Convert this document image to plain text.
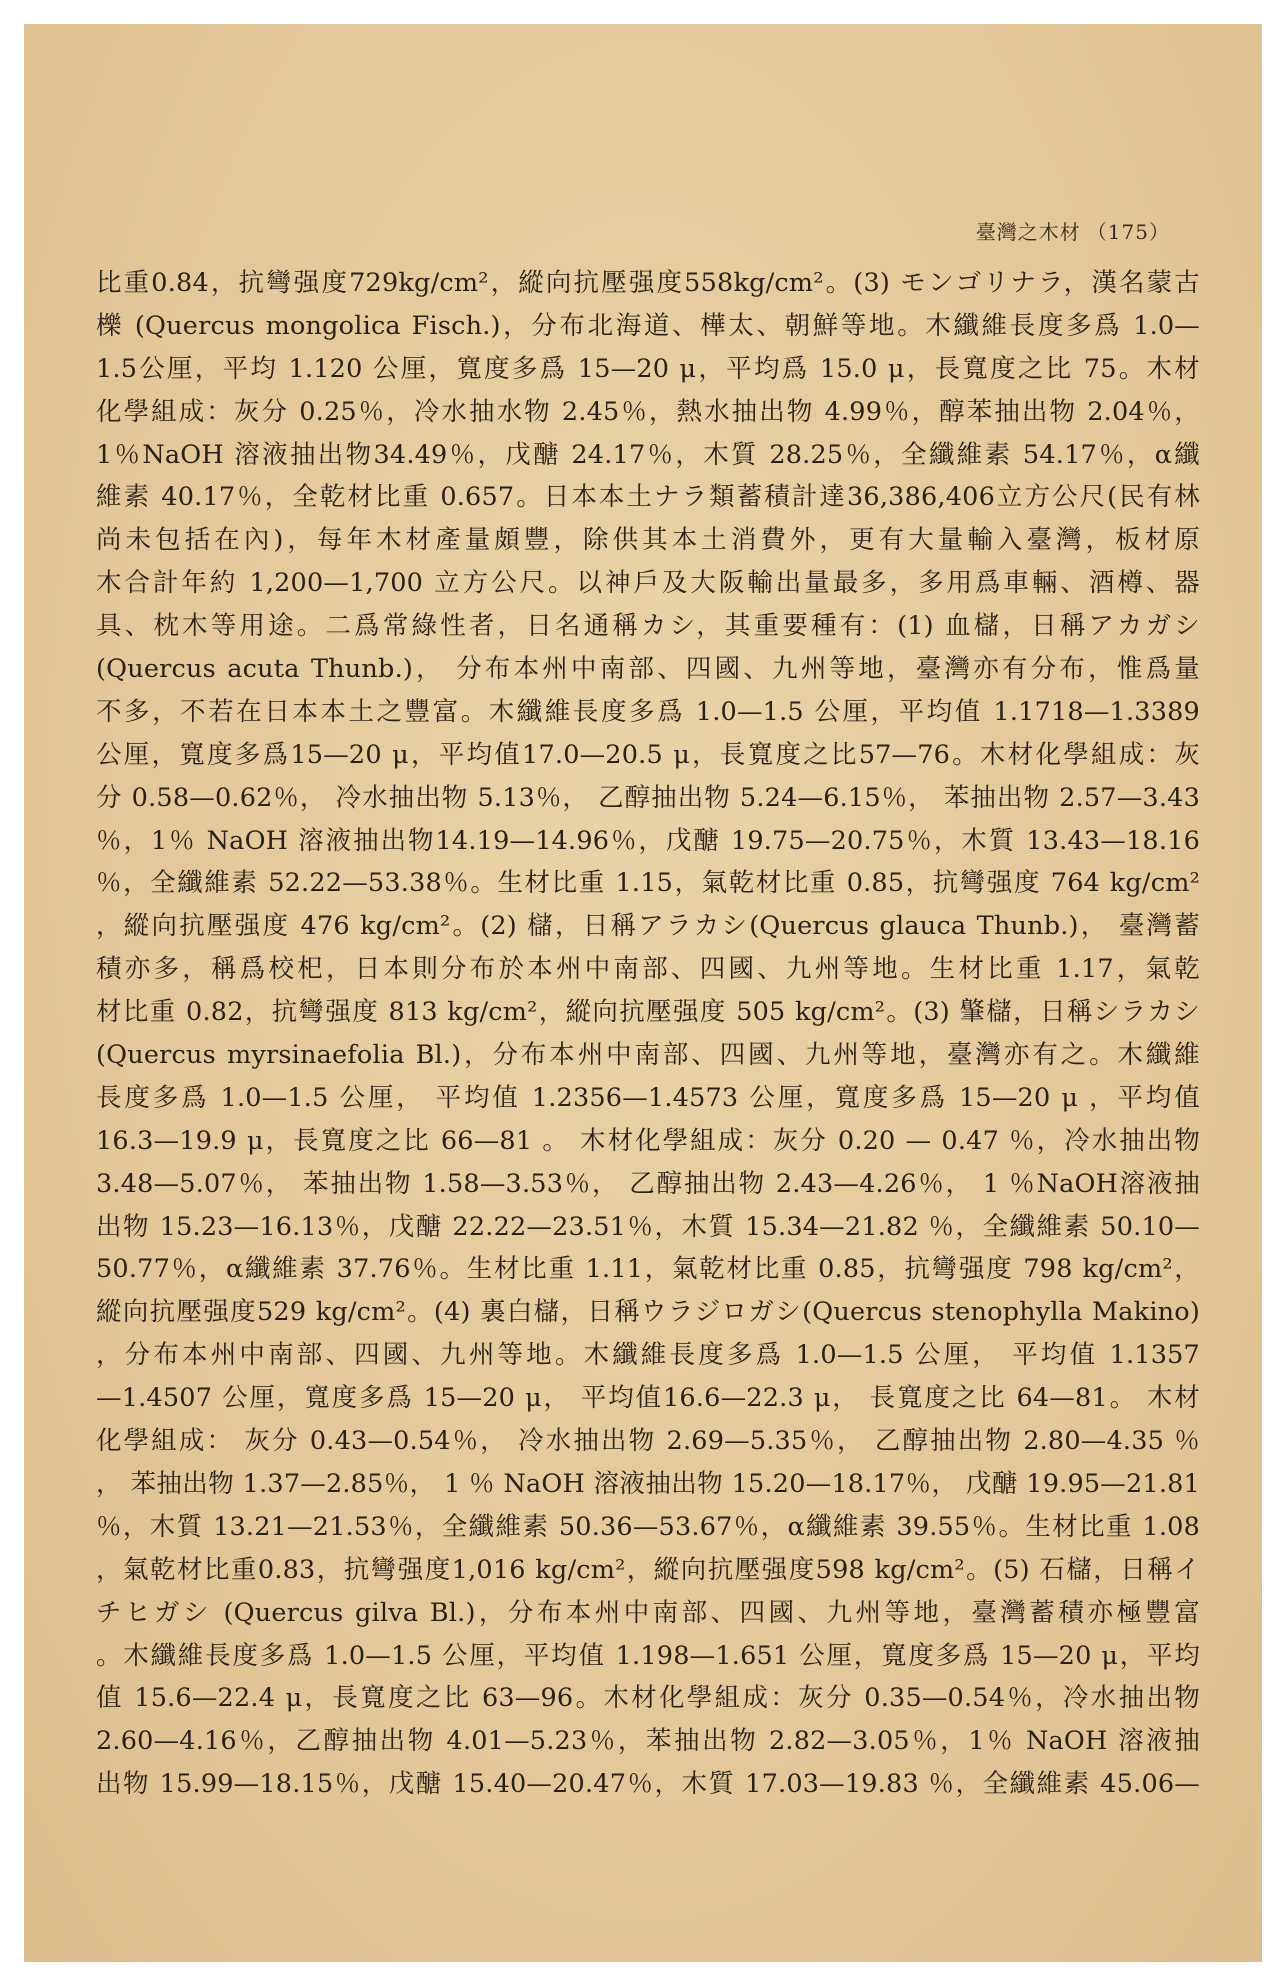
臺灣之木材 （175）
比重0.84，抗彎强度729kg/cm²，縱向抗壓强度558kg/cm²。(3) モンゴリナラ，漢名蒙古
櫟 (Quercus mongolica Fisch.)，分布北海道、樺太、朝鮮等地。木纖維長度多爲 1.0—
1.5公厘，平均 1.120 公厘，寬度多爲 15—20 μ，平均爲 15.0 μ，長寬度之比 75。木材
化學組成：灰分 0.25％，冷水抽水物 2.45％，熱水抽出物 4.99％，醇苯抽出物 2.04％，
1％NaOH 溶液抽出物34.49％，戊醣 24.17％，木質 28.25％，全纖維素 54.17％，α纖
維素 40.17％，全乾材比重 0.657。日本本土ナラ類蓄積計達36,386,406立方公尺(民有林
尚未包括在內)，每年木材產量頗豐，除供其本土消費外，更有大量輸入臺灣，板材原
木合計年約 1,200—1,700 立方公尺。以神戶及大阪輸出量最多，多用爲車輛、酒樽、器
具、枕木等用途。二爲常綠性者，日名通稱カシ，其重要種有：(1) 血櫧，日稱アカガシ
(Quercus acuta Thunb.)， 分布本州中南部、四國、九州等地，臺灣亦有分布，惟爲量
不多，不若在日本本土之豐富。木纖維長度多爲 1.0—1.5 公厘，平均值 1.1718—1.3389
公厘，寬度多爲15—20 μ，平均值17.0—20.5 μ，長寬度之比57—76。木材化學組成：灰
分 0.58—0.62％， 冷水抽出物 5.13％， 乙醇抽出物 5.24—6.15％， 苯抽出物 2.57—3.43
％，1％ NaOH 溶液抽出物14.19—14.96％，戊醣 19.75—20.75％，木質 13.43—18.16
％，全纖維素 52.22—53.38％。生材比重 1.15，氣乾材比重 0.85，抗彎强度 764 kg/cm²
，縱向抗壓强度 476 kg/cm²。(2) 櫧，日稱アラカシ(Quercus glauca Thunb.)， 臺灣蓄
積亦多，稱爲校𣏌，日本則分布於本州中南部、四國、九州等地。生材比重 1.17，氣乾
材比重 0.82，抗彎强度 813 kg/cm²，縱向抗壓强度 505 kg/cm²。(3) 𦘦櫧，日稱シラカシ
(Quercus myrsinaefolia Bl.)，分布本州中南部、四國、九州等地，臺灣亦有之。木纖維
長度多爲 1.0—1.5 公厘， 平均值 1.2356—1.4573 公厘，寬度多爲 15—20 μ ，平均值
16.3—19.9 μ，長寬度之比 66—81 。 木材化學組成：灰分 0.20 — 0.47 ％，冷水抽出物
3.48—5.07％， 苯抽出物 1.58—3.53％， 乙醇抽出物 2.43—4.26％， 1 ％NaOH溶液抽
出物 15.23—16.13％，戊醣 22.22—23.51％，木質 15.34—21.82 ％，全纖維素 50.10—
50.77％，α纖維素 37.76％。生材比重 1.11，氣乾材比重 0.85，抗彎强度 798 kg/cm²，
縱向抗壓强度529 kg/cm²。(4) 裏白櫧，日稱ウラジロガシ(Quercus stenophylla Makino)
，分布本州中南部、四國、九州等地。木纖維長度多爲 1.0—1.5 公厘， 平均值 1.1357
—1.4507 公厘，寬度多爲 15—20 μ， 平均值16.6—22.3 μ， 長寬度之比 64—81。 木材
化學組成： 灰分 0.43—0.54％， 冷水抽出物 2.69—5.35％， 乙醇抽出物 2.80—4.35 ％
， 苯抽出物 1.37—2.85％， 1 ％ NaOH 溶液抽出物 15.20—18.17％， 戊醣 19.95—21.81
％，木質 13.21—21.53％，全纖維素 50.36—53.67％，α纖維素 39.55％。生材比重 1.08
，氣乾材比重0.83，抗彎强度1,016 kg/cm²，縱向抗壓强度598 kg/cm²。(5) 石櫧，日稱イ
チヒガシ (Quercus gilva Bl.)，分布本州中南部、四國、九州等地，臺灣蓄積亦極豐富
。木纖維長度多爲 1.0—1.5 公厘，平均值 1.198—1.651 公厘，寬度多爲 15—20 μ，平均
值 15.6—22.4 μ，長寬度之比 63—96。木材化學組成：灰分 0.35—0.54％，冷水抽出物
2.60—4.16％，乙醇抽出物 4.01—5.23％，苯抽出物 2.82—3.05％，1％ NaOH 溶液抽
出物 15.99—18.15％，戊醣 15.40—20.47％，木質 17.03—19.83 ％，全纖維素 45.06—
